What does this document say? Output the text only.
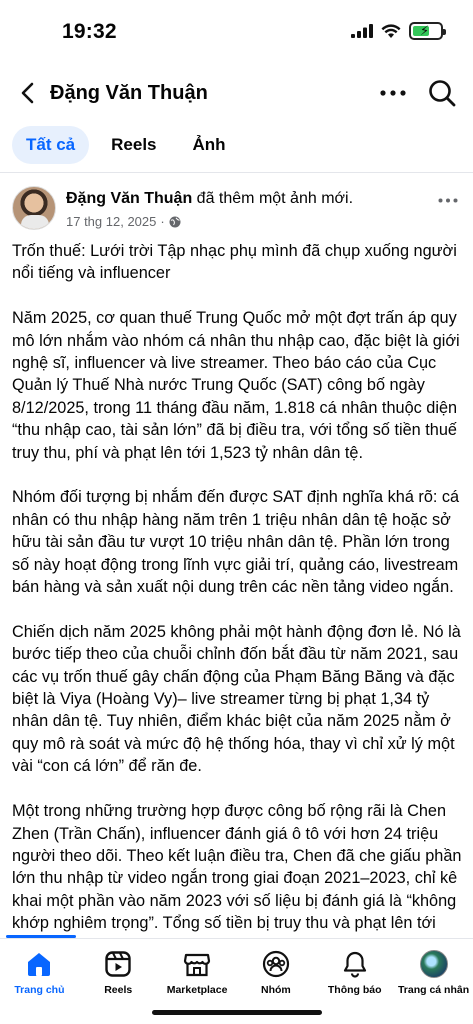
19:32	⚡
Đặng Văn Thuận
Tất cả	Reels	Ảnh
Đặng Văn Thuận đã thêm một ảnh mới.
17 thg 12, 2025 ·

Trốn thuế: Lưới trời Tập nhạc phụ mình đã chụp xuống người nổi tiếng và influencer

Năm 2025, cơ quan thuế Trung Quốc mở một đợt trấn áp quy mô lớn nhắm vào nhóm cá nhân thu nhập cao, đặc biệt là giới nghệ sĩ, influencer và live streamer. Theo báo cáo của Cục Quản lý Thuế Nhà nước Trung Quốc (SAT) công bố ngày 8/12/2025, trong 11 tháng đầu năm, 1.818 cá nhân thuộc diện “thu nhập cao, tài sản lớn” đã bị điều tra, với tổng số tiền thuế truy thu, phí và phạt lên tới 1,523 tỷ nhân dân tệ.

Nhóm đối tượng bị nhắm đến được SAT định nghĩa khá rõ: cá nhân có thu nhập hàng năm trên 1 triệu nhân dân tệ hoặc sở hữu tài sản đầu tư vượt 10 triệu nhân dân tệ. Phần lớn trong số này hoạt động trong lĩnh vực giải trí, quảng cáo, livestream bán hàng và sản xuất nội dung trên các nền tảng video ngắn.

Chiến dịch năm 2025 không phải một hành động đơn lẻ. Nó là bước tiếp theo của chuỗi chỉnh đốn bắt đầu từ năm 2021, sau các vụ trốn thuế gây chấn động của Phạm Băng Băng và đặc biệt là Viya (Hoàng Vy)– live streamer từng bị phạt 1,34 tỷ nhân dân tệ. Tuy nhiên, điểm khác biệt của năm 2025 nằm ở quy mô rà soát và mức độ hệ thống hóa, thay vì chỉ xử lý một vài “con cá lớn” để răn đe.

Một trong những trường hợp được công bố rộng rãi là Chen Zhen (Trần Chấn), influencer đánh giá ô tô với hơn 24 triệu người theo dõi. Theo kết luận điều tra, Chen đã che giấu phần lớn thu nhập từ video ngắn trong giai đoạn 2021–2023, chỉ kê khai một phần vào năm 2023 với số liệu bị đánh giá là “không khớp nghiêm trọng”. Tổng số tiền bị truy thu và phạt lên tới

Trang chủ	Reels	Marketplace	Nhóm	Thông báo Trang cá nhân
